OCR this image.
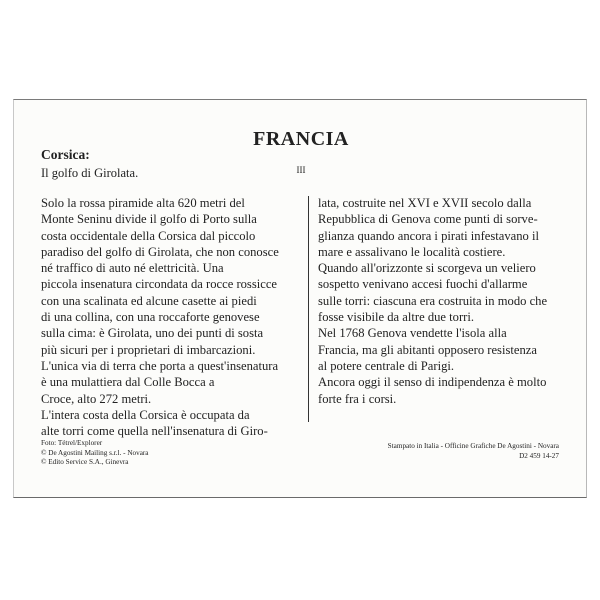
FRANCIA
III
Corsica:
Il golfo di Girolata.
Solo la rossa piramide alta 620 metri del
Monte Seninu divide il golfo di Porto sulla
costa occidentale della Corsica dal piccolo
paradiso del golfo di Girolata, che non conosce
né traffico di auto né elettricità. Una
piccola insenatura circondata da rocce rossicce
con una scalinata ed alcune casette ai piedi
di una collina, con una roccaforte genovese
sulla cima: è Girolata, uno dei punti di sosta
più sicuri per i proprietari di imbarcazioni.
L'unica via di terra che porta a quest'insenatura
è una mulattiera dal Colle Bocca a
Croce, alto 272 metri.
L'intera costa della Corsica è occupata da
alte torri come quella nell'insenatura di Giro-
lata, costruite nel XVI e XVII secolo dalla
Repubblica di Genova come punti di sorve-
glianza quando ancora i pirati infestavano il
mare e assalivano le località costiere.
Quando all'orizzonte si scorgeva un veliero
sospetto venivano accesi fuochi d'allarme
sulle torri: ciascuna era costruita in modo che
fosse visibile da altre due torri.
Nel 1768 Genova vendette l'isola alla
Francia, ma gli abitanti opposero resistenza
al potere centrale di Parigi.
Ancora oggi il senso di indipendenza è molto
forte fra i corsi.
Foto: Tétrel/Explorer
© De Agostini Mailing s.r.l. - Novara
© Edito Service S.A., Ginevra
Stampato in Italia - Officine Grafiche De Agostini - Novara
D2 459 14-27
